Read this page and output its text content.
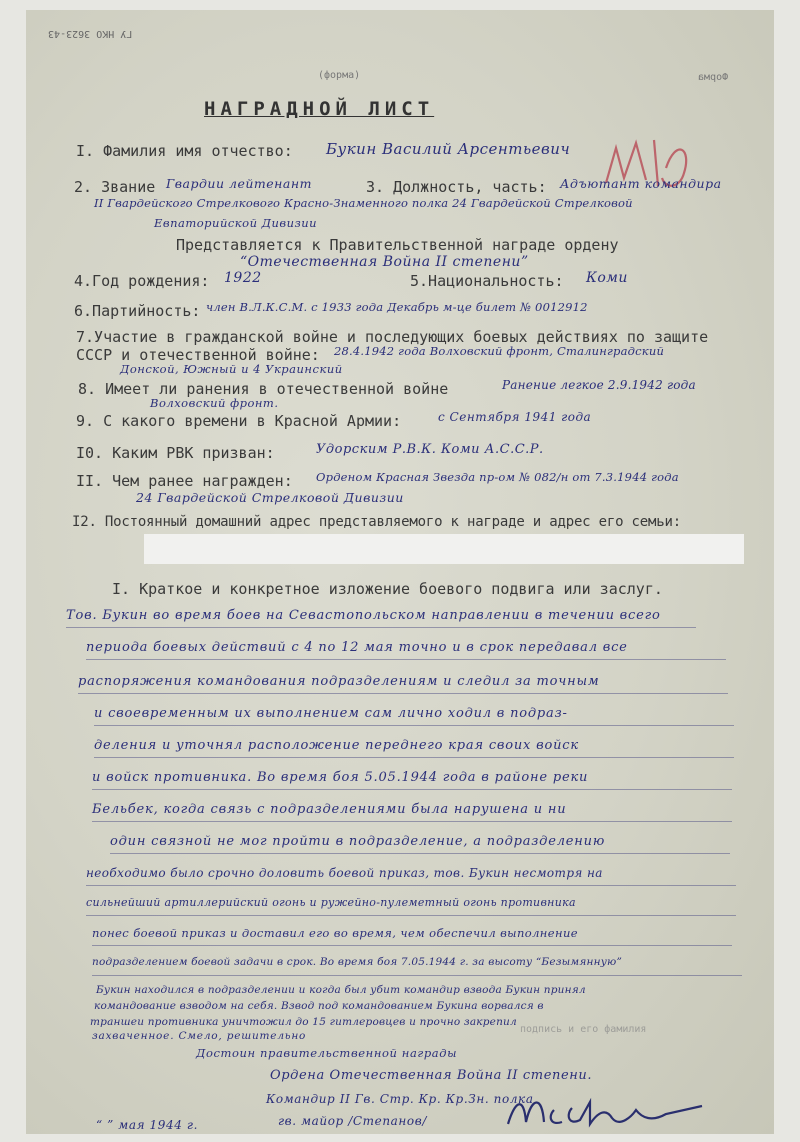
ГУ НКО 3623-43
(форма)	Форма
НАГРАДНОЙ ЛИСТ
I. Фамилия имя отчество: Букин Василий Арсентьевич
2. Звание Гвардии лейтенант	3. Должность, часть: Адъютант командира
II Гвардейского Стрелкового Красно-Знаменного полка 24 Гвардейской Стрелковой
Евпаторийской Дивизии
Представляется к Правительственной награде ордену
“Отечественная Война II степени”
4.Год рождения: 1922	5.Национальность: Коми
6.Партийность: член В.Л.К.С.М. с 1933 года Декабрь м-це билет № 0012912
7.Участие в гражданской войне и последующих боевых действиях по защите
СССР и отечественной войне: 28.4.1942 года Волховский фронт, Сталинградский
Донской, Южный и 4 Украинский
8. Имеет ли ранения в отечественной войне	Ранение легкое 2.9.1942 года
Волховский фронт.
9. С какого времени в Красной Армии:	с Сентября 1941 года
I0. Каким РВК призван:	Удорским Р.В.К. Коми А.С.С.Р.
II. Чем ранее награжден: Орденом Красная Звезда пр-ом № 082/н от 7.3.1944 года
24 Гвардейской Стрелковой Дивизии
I2. Постоянный домашний адрес представляемого к награде и адрес его семьи:
I. Краткое и конкретное изложение боевого подвига или заслуг.
Тов. Букин во время боев на Севастопольском направлении в течении всего
периода боевых действий с 4 по 12 мая точно и в срок передавал все
распоряжения командования подразделениям и следил за точным
и своевременным их выполнением сам лично ходил в подраз-
деления и уточнял расположение переднего края своих войск
и войск противника. Во время боя 5.05.1944 года в районе реки
Бельбек, когда связь с подразделениями была нарушена и ни
один связной не мог пройти в подразделение, а подразделению
необходимо было срочно доловить боевой приказ, тов. Букин несмотря на
сильнейший артиллерийский огонь и ружейно-пулеметный огонь противника
понес боевой приказ и доставил его во время, чем обеспечил выполнение
подразделением боевой задачи в срок. Во время боя 7.05.1944 г. за высоту “Безымянную”
Букин находился в подразделении и когда был убит командир взвода Букин принял
командование взводом на себя. Взвод под командованием Букина ворвался в
траншеи противника уничтожил до 15 гитлеровцев и прочно закрепил
захваченное. Смело, решительно
подпись и его фамилия
Достоин правительственной награды
Ордена Отечественная Война II степени.
Командир II Гв. Стр. Кр. Кр.Зн. полка
“ ” мая 1944 г.	гв. майор /Степанов/
